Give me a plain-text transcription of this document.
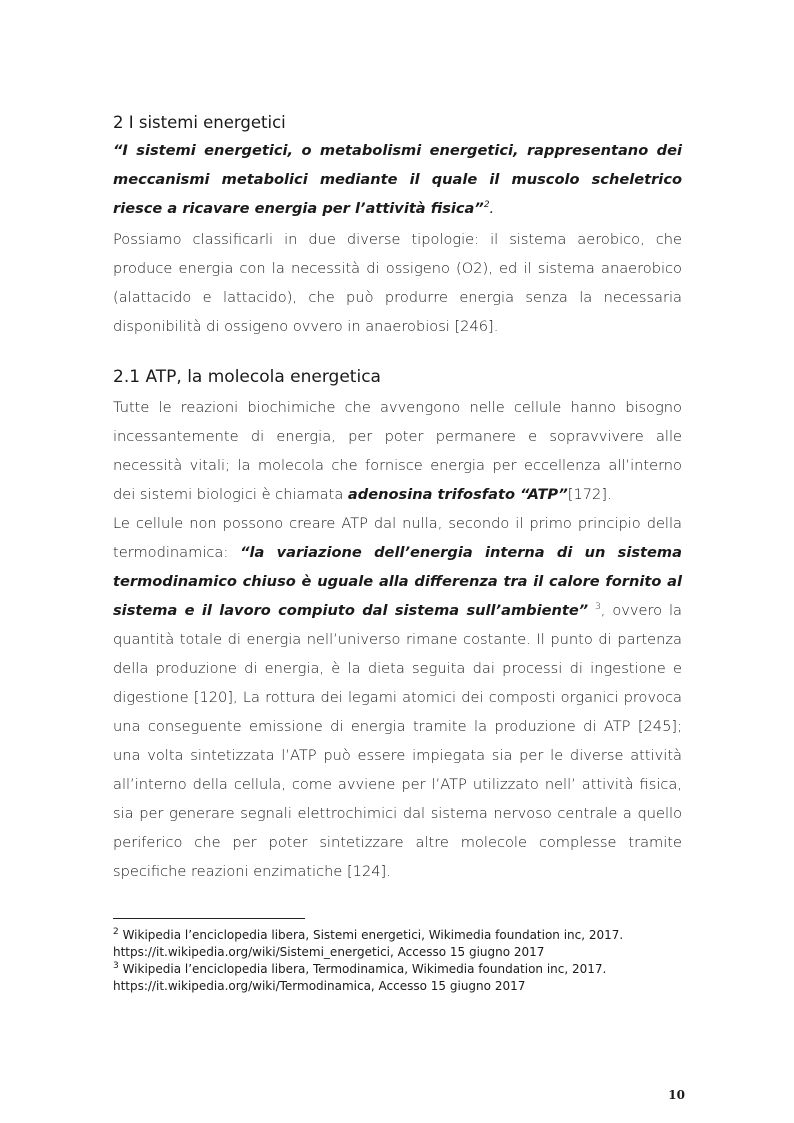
2 I sistemi energetici

“I sistemi energetici, o metabolismi energetici, rappresentano dei meccanismi metabolici mediante il quale il muscolo scheletrico riesce a ricavare energia per l’attività fisica”$^2$.

Possiamo classificarli in due diverse tipologie: il sistema aerobico, che produce energia con la necessità di ossigeno (O2), ed il sistema anaerobico (alattacido e lattacido), che può produrre energia senza la necessaria disponibilità di ossigeno ovvero in anaerobiosi [246].

2.1 ATP, la molecola energetica

Tutte le reazioni biochimiche che avvengono nelle cellule hanno bisogno incessantemente di energia, per poter permanere e sopravvivere alle necessità vitali; la molecola che fornisce energia per eccellenza all’interno dei sistemi biologici è chiamata adenosina trifosfato “ATP”[172].

Le cellule non possono creare ATP dal nulla, secondo il primo principio della termodinamica: “la variazione dell’energia interna di un sistema termodinamico chiuso è uguale alla differenza tra il calore fornito al sistema e il lavoro compiuto dal sistema sull’ambiente” $^3$, ovvero la quantità totale di energia nell’universo rimane costante. Il punto di partenza della produzione di energia, è la dieta seguita dai processi di ingestione e digestione [120], La rottura dei legami atomici dei composti organici provoca una conseguente emissione di energia tramite la produzione di ATP [245]; una volta sintetizzata l’ATP può essere impiegata sia per le diverse attività all’interno della cellula, come avviene per l’ATP utilizzato nell’ attività fisica, sia per generare segnali elettrochimici dal sistema nervoso centrale a quello periferico che per poter sintetizzare altre molecole complesse tramite specifiche reazioni enzimatiche [124].

$^2$ Wikipedia l’enciclopedia libera, Sistemi energetici, Wikimedia foundation inc, 2017.

https://it.wikipedia.org/wiki/Sistemi_energetici, Accesso 15 giugno 2017

$^3$ Wikipedia l’enciclopedia libera, Termodinamica, Wikimedia foundation inc, 2017.

https://it.wikipedia.org/wiki/Termodinamica, Accesso 15 giugno 2017

10
